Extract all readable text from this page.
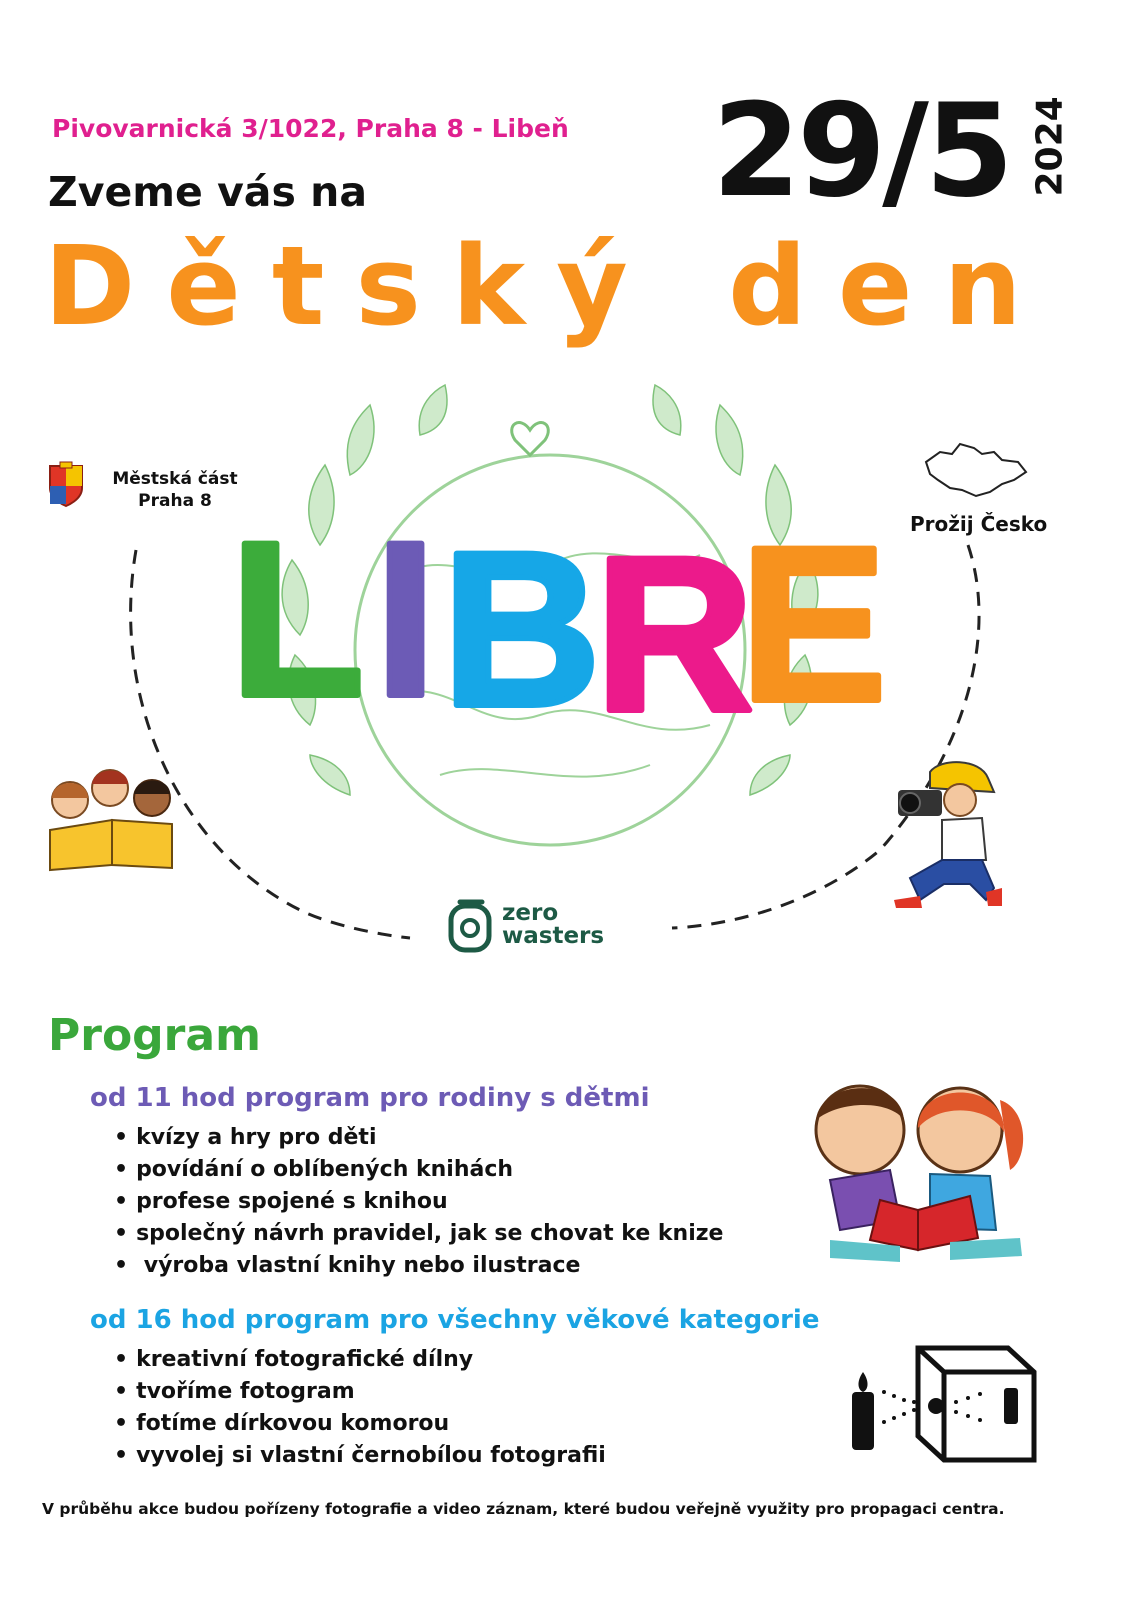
Pivovarnická 3/1022, Praha 8 - Libeň
Zveme vás na	29/5 2024
Dětský den
Městská část
Praha 8
Prožij Česko
L I B
R
E
zero
wasters
Program
od 11 hod program pro rodiny s dětmi
• kvízy a hry pro děti
• povídání o oblíbených knihách
• profese spojené s knihou
• společný návrh pravidel, jak se chovat ke knize
• výroba vlastní knihy nebo ilustrace
od 16 hod program pro všechny věkové kategorie
• kreativní fotografické dílny
• tvoříme fotogram
• fotíme dírkovou komorou
• vyvolej si vlastní černobílou fotografii
V průběhu akce budou pořízeny fotografie a video záznam, které budou veřejně využity pro propagaci centra.
